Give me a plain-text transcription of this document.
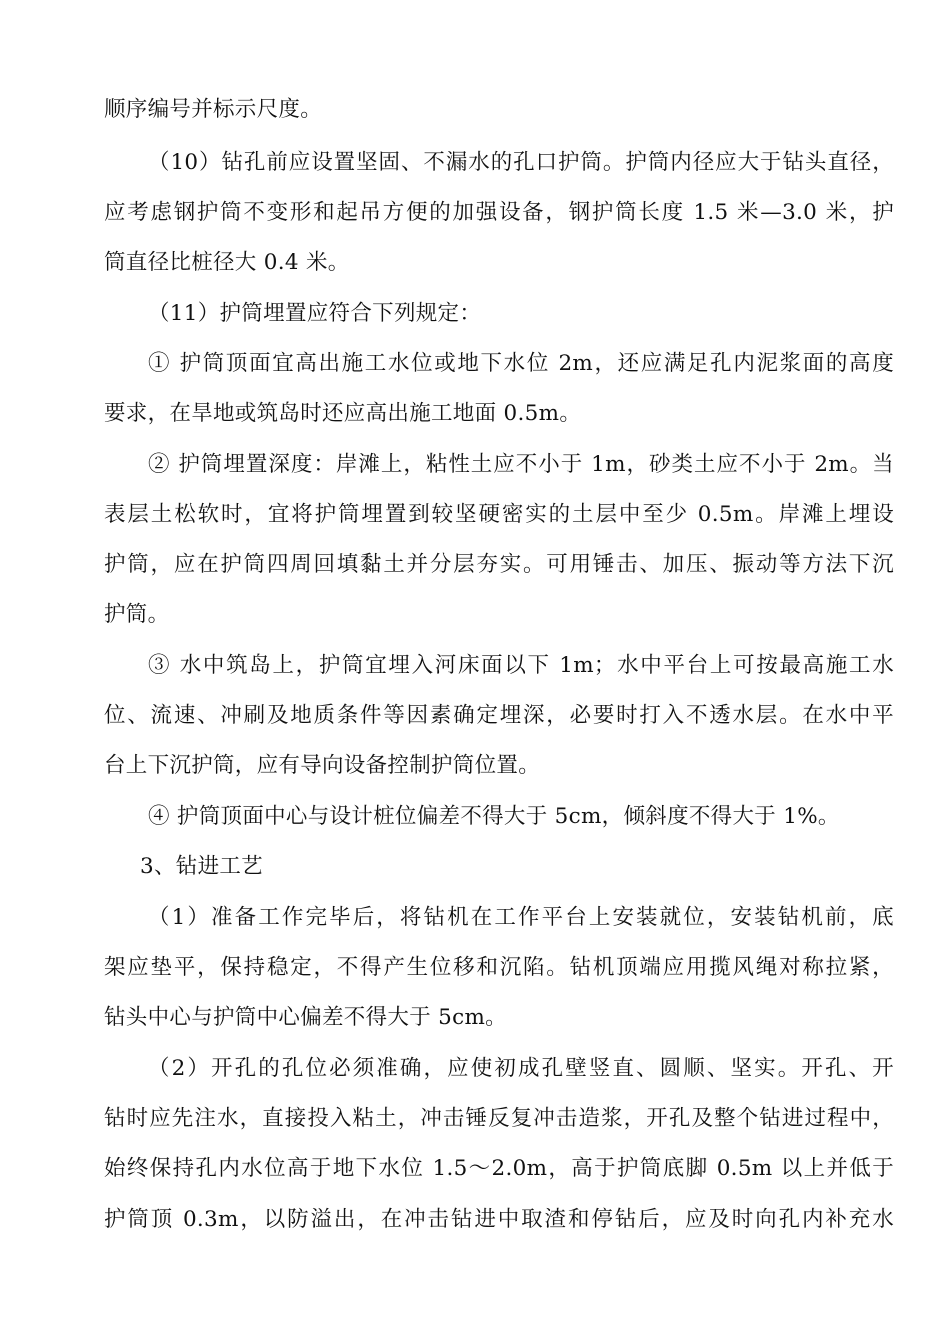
顺序编号并标示尺度。
（10）钻孔前应设置坚固、不漏水的孔口护筒。护筒内径应大于钻头直径，
应考虑钢护筒不变形和起吊方便的加强设备，钢护筒长度 1.5 米—3.0 米，护
筒直径比桩径大 0.4 米。
（11）护筒埋置应符合下列规定：
① 护筒顶面宜高出施工水位或地下水位 2m，还应满足孔内泥浆面的高度
要求，在旱地或筑岛时还应高出施工地面 0.5m。
② 护筒埋置深度：岸滩上，粘性土应不小于 1m，砂类土应不小于 2m。当
表层土松软时，宜将护筒埋置到较坚硬密实的土层中至少 0.5m。岸滩上埋设
护筒，应在护筒四周回填黏土并分层夯实。可用锤击、加压、振动等方法下沉
护筒。
③ 水中筑岛上，护筒宜埋入河床面以下 1m；水中平台上可按最高施工水
位、流速、冲刷及地质条件等因素确定埋深，必要时打入不透水层。在水中平
台上下沉护筒，应有导向设备控制护筒位置。
④ 护筒顶面中心与设计桩位偏差不得大于 5cm，倾斜度不得大于 1%。
3、钻进工艺
（1）准备工作完毕后，将钻机在工作平台上安装就位，安装钻机前，底
架应垫平，保持稳定，不得产生位移和沉陷。钻机顶端应用揽风绳对称拉紧，
钻头中心与护筒中心偏差不得大于 5cm。
（2）开孔的孔位必须准确，应使初成孔壁竖直、圆顺、坚实。开孔、开
钻时应先注水，直接投入粘土，冲击锤反复冲击造浆，开孔及整个钻进过程中，
始终保持孔内水位高于地下水位 1.5～2.0m，高于护筒底脚 0.5m 以上并低于
护筒顶 0.3m，以防溢出，在冲击钻进中取渣和停钻后，应及时向孔内补充水
